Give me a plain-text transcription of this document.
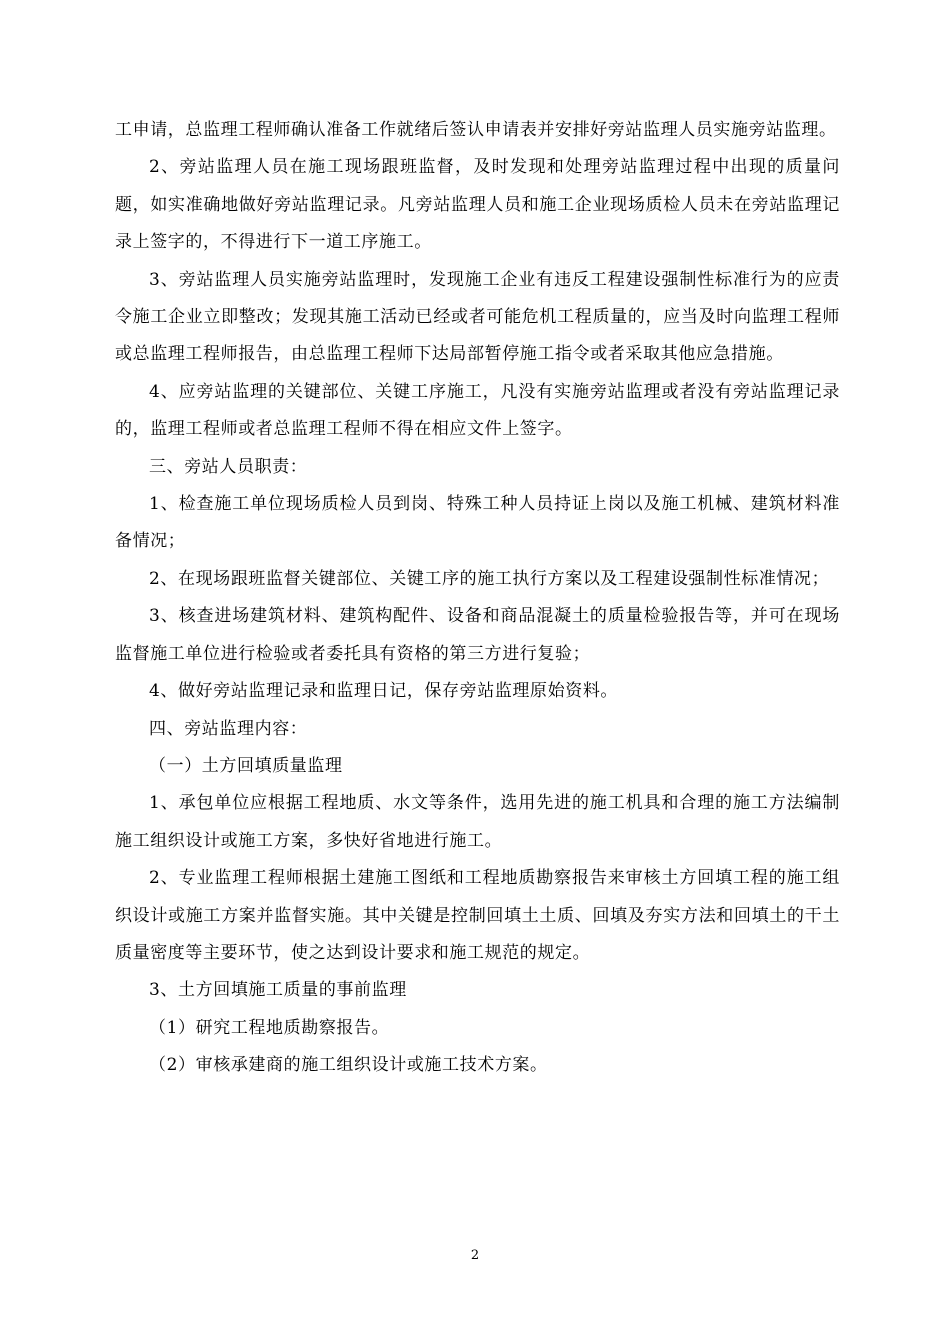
工申请，总监理工程师确认准备工作就绪后签认申请表并安排好旁站监理人员实施旁站监理。

2、旁站监理人员在施工现场跟班监督，及时发现和处理旁站监理过程中出现的质量问题，如实准确地做好旁站监理记录。凡旁站监理人员和施工企业现场质检人员未在旁站监理记录上签字的，不得进行下一道工序施工。

3、旁站监理人员实施旁站监理时，发现施工企业有违反工程建设强制性标准行为的应责令施工企业立即整改；发现其施工活动已经或者可能危机工程质量的，应当及时向监理工程师或总监理工程师报告，由总监理工程师下达局部暂停施工指令或者采取其他应急措施。

4、应旁站监理的关键部位、关键工序施工，凡没有实施旁站监理或者没有旁站监理记录的，监理工程师或者总监理工程师不得在相应文件上签字。

三、旁站人员职责：

1、检查施工单位现场质检人员到岗、特殊工种人员持证上岗以及施工机械、建筑材料准备情况；

2、在现场跟班监督关键部位、关键工序的施工执行方案以及工程建设强制性标准情况；

3、核查进场建筑材料、建筑构配件、设备和商品混凝土的质量检验报告等，并可在现场监督施工单位进行检验或者委托具有资格的第三方进行复验；

4、做好旁站监理记录和监理日记，保存旁站监理原始资料。

四、旁站监理内容：

（一）土方回填质量监理

1、承包单位应根据工程地质、水文等条件，选用先进的施工机具和合理的施工方法编制施工组织设计或施工方案，多快好省地进行施工。

2、专业监理工程师根据土建施工图纸和工程地质勘察报告来审核土方回填工程的施工组织设计或施工方案并监督实施。其中关键是控制回填土土质、回填及夯实方法和回填土的干土质量密度等主要环节，使之达到设计要求和施工规范的规定。

3、土方回填施工质量的事前监理

（1）研究工程地质勘察报告。

（2）审核承建商的施工组织设计或施工技术方案。

2
